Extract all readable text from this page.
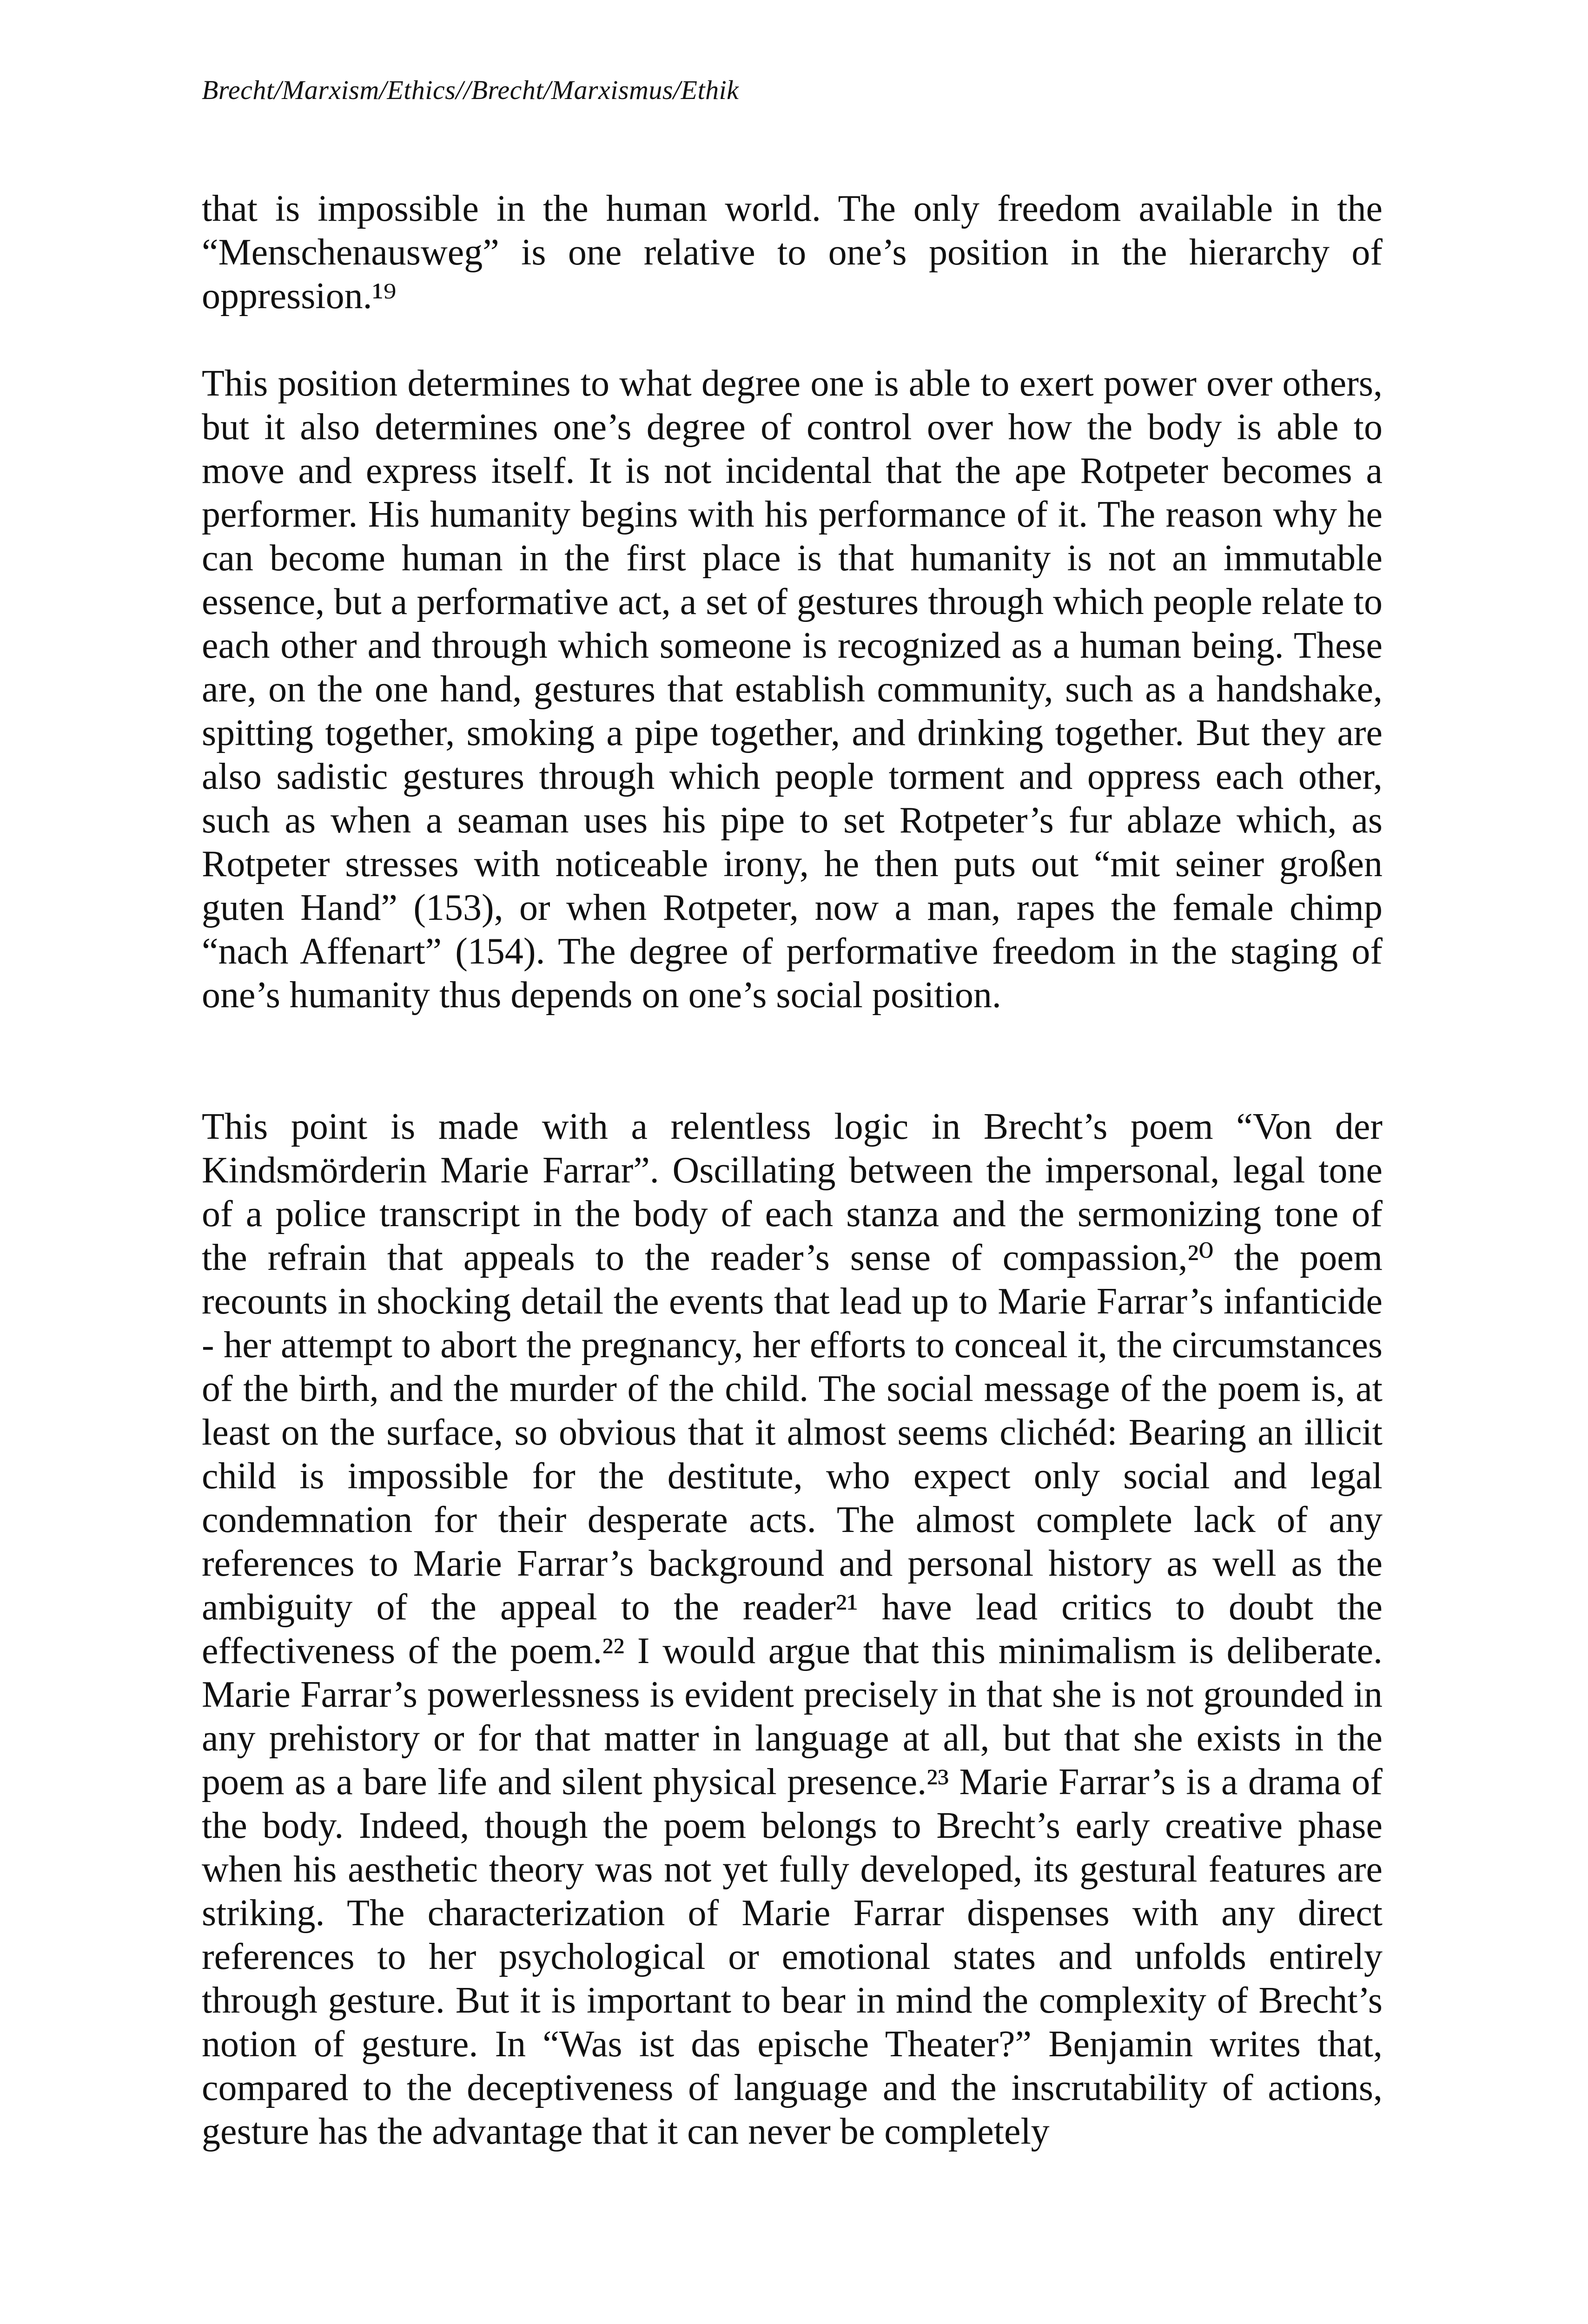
Brecht/Marxism/Ethics//Brecht/Marxismus/Ethik
that is impossible in the human world. The only freedom available in the “Menschenausweg” is one relative to one’s position in the hierarchy of oppression.¹⁹
This position determines to what degree one is able to exert power over others, but it also determines one’s degree of control over how the body is able to move and express itself. It is not incidental that the ape Rotpeter becomes a performer. His humanity begins with his performance of it. The reason why he can become human in the first place is that humanity is not an immutable essence, but a performative act, a set of gestures through which people relate to each other and through which someone is recognized as a human being. These are, on the one hand, gestures that establish community, such as a handshake, spitting together, smoking a pipe together, and drinking together. But they are also sadistic gestures through which people torment and oppress each other, such as when a seaman uses his pipe to set Rotpeter’s fur ablaze which, as Rotpeter stresses with noticeable irony, he then puts out “mit seiner großen guten Hand” (153), or when Rotpeter, now a man, rapes the female chimp “nach Affenart” (154). The degree of performative freedom in the staging of one’s humanity thus depends on one’s social position.
This point is made with a relentless logic in Brecht’s poem “Von der Kindsmörderin Marie Farrar”. Oscillating between the impersonal, legal tone of a police transcript in the body of each stanza and the sermonizing tone of the refrain that appeals to the reader’s sense of compassion,²⁰ the poem recounts in shocking detail the events that lead up to Marie Farrar’s infanticide - her attempt to abort the pregnancy, her efforts to conceal it, the circumstances of the birth, and the murder of the child. The social message of the poem is, at least on the surface, so obvious that it almost seems clichéd: Bearing an illicit child is impossible for the destitute, who expect only social and legal condemnation for their desperate acts. The almost complete lack of any references to Marie Farrar’s background and personal history as well as the ambiguity of the appeal to the reader²¹ have lead critics to doubt the effectiveness of the poem.²² I would argue that this minimalism is deliberate. Marie Farrar’s powerlessness is evident precisely in that she is not grounded in any prehistory or for that matter in language at all, but that she exists in the poem as a bare life and silent physical presence.²³ Marie Farrar’s is a drama of the body. Indeed, though the poem belongs to Brecht’s early creative phase when his aesthetic theory was not yet fully developed, its gestural features are striking. The characterization of Marie Farrar dispenses with any direct references to her psychological or emotional states and unfolds entirely through gesture. But it is important to bear in mind the complexity of Brecht’s notion of gesture. In “Was ist das epische Theater?” Benjamin writes that, compared to the deceptiveness of language and the inscrutability of actions, gesture has the advantage that it can never be completely
